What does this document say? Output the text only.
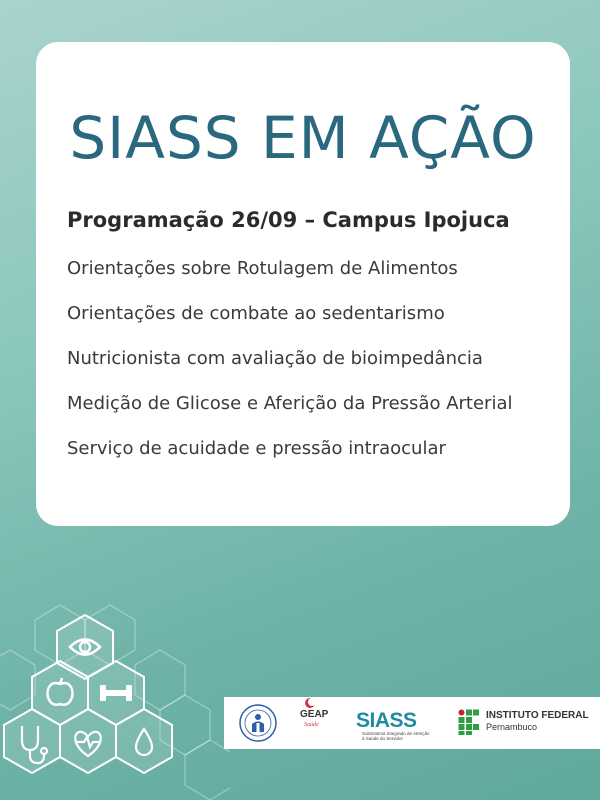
SIASS EM AÇÃO
Programação 26/09 – Campus Ipojuca
Orientações sobre Rotulagem de Alimentos
Orientações de combate ao sedentarismo
Nutricionista com avaliação de bioimpedância
Medição de Glicose e Aferição da Pressão Arterial
Serviço de acuidade e pressão intraocular
GEAP
Saúde SIASS
Subsistema Integrado de Atenção à Saúde do Servidor
INSTITUTO FEDERAL
Pernambuco
